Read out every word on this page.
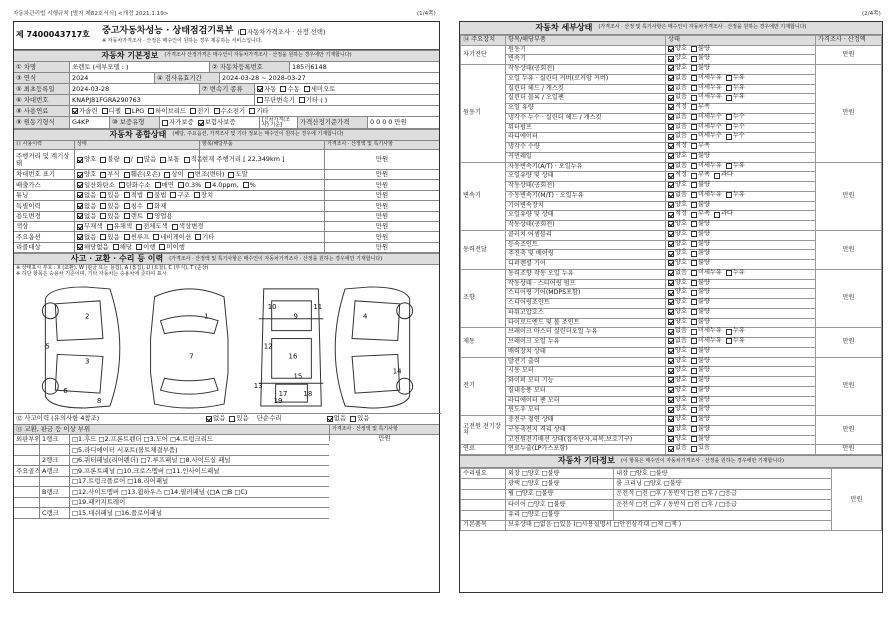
자동차관리법 시행규칙 [별지 제82호서식] <개정 2021.1.19>	(1/4쪽)	(2/4쪽)
제 7400043717호	중고자동차성능 · 상태점검기록부 ( 자동차가격조사 · 산정 선택 )
※ 자동차가격조사 · 산정은 매수인이 원하는 경우 제공하는 서비스입니다.
자동차 기본정보 (가격조사 산정가격은 매수인이 자동차가격조사 · 산정을 원하는 경우에만 기재합니다)
① 차명	쏘렌토 (세부모델 : )	② 자동차등록번호	185러6148
③ 연식	2024	④ 검사유효기간	2024-03-28 ~ 2028-03-27
⑤ 최초등록일	2024-03-28	⑦ 변속기 종류	자동 수동 세미오토
⑥ 차대번호	KNAPJ81FGRA290763	무단변속기 기타 ( )
⑧ 사용연료	가솔린 디젤 LPG 하이브리드 전기 수소전기 기타
⑨ 원동기형식	G4KP	⑩ 보증유형	자가보증 보험사보증	[신차가격(조사) 기준]	가격산정기준가격	0 0 0 0 만원
자동차 종합상태 (해당, 주요옵션, 가격조사 및 기타 정보는 매수인이 원하는 경우에 기재합니다)
⑪ 사용이력	상태	항목/해당부품	가격조사 · 산정액 및 특기사항
주행거리 및 계기상태	양호 불량 / 많음 보통 적음 현재 주행거리 [ 22,349km ]	만원
차대번호 표기	양호 부식 훼손(오손) 상이 변조(변타) 도말	만원
배출가스	일산화탄소 탄화수소 매연 0.3% 4.0ppm, %	만원
튜닝	없음 있음 적법 불법 구조 장치	만원
특별이력	없음 있음 침수 화재	만원
용도변경	없음 있음 렌트 영업용	만원
색상	무채색 유채색 전체도색 색상변경	만원
주요옵션	없음 있음 썬루프 네비게이션 기타	만원
리콜대상	해당없음 해당 이행 미이행	만원
사고 · 교환 · 수리 등 이력 (가격조사 · 산정액 및 특기사항은 매수인이 자동차가격조사 · 산정을 원하는 경우에만 기재합니다)
※ 상태표시 부호 : X (교환), W (판금 또는 용접), A (흠집), U (요철), C (부식), T (손상)
※ 하단 항목은 승용차 기준이며, 기타 자동차는 승용차에 준하여 표시
1
2
3
4
5
6
7
8
9
10	11
12
13
14
15
16
17 18
19
⑫ 사고이력 (유의사항 4참조)	없음 있음	단순수리	없음 있음
⑬ 교환, 판금 등 이상 부위	가격조사 · 산정액 및 특기사항
외판부위 1랭크	□1.후드 □2.프론트펜더 □3.도어 □4.트렁크리드
□5.라디에이터 서포트(볼트체결부품)
2랭크	□6.쿼터패널(리어펜더) □7.루프패널 □8.사이드실 패널
주요골격 A랭크	□9.프론트패널 □10.크로스멤버 □11.인사이드패널
□17.트렁크플로어 □18.리어패널
B랭크	□12.사이드멤버 □13.휠하우스 □14.필러패널 (□A □B □C)
□19.패키지트레이
C랭크	□15.대쉬패널 □16.플로어패널
만원
자동차 세부상태 (가격조사 · 산정 및 특기사항은 매수인이 자동차가격조사 · 산정을 원하는 경우에만 기재합니다)
⑭ 주요장치	항목/해당부품	상태	가격조사 · 산정액
자기진단	원동기	양호 불량	만원
	변속기	양호 불량	

원동기	작동상태(공회전)	양호 불량	만원
	오일 누유 · 실린더 커버(로커암 커버)	없음 미세누유 누유	

	실린더 헤드 / 개스킷	없음 미세누유 누유	

	실린더 블록 / 오일팬	없음 미세누유 누유	

	오일 유량	적정 부족	

	냉각수 누수 · 실린더 헤드 / 개스킷	없음 미세누수 누수	

	워터펌프	없음 미세누수 누수	

	라디에이터	없음 미세누수 누수	

	냉각수 수량	적정 부족	

	커먼레일	양호 불량	

변속기	자동변속기(A/T) · 오일누유	없음 미세누유 누유	만원
	오일유량 및 상태	적정 부족 과다	

	작동상태(공회전)	양호 불량	

	수동변속기(M/T) · 오일누유	없음 미세누유 누유	

	기어변속장치	양호 불량	

	오일유량 및 상태	적정 부족 과다	

	작동상태(공회전)	양호 불량	

동력전달	클러치 어셈블리	양호 불량	만원
	등속조인트	양호 불량	

	추진축 및 베어링	양호 불량	

	디퍼렌셜 기어	양호 불량	

조향	동력조향 작동 오일 누유	없음 미세누유 누유	만원
	작동상태 · 스티어링 펌프	양호 불량	

	스티어링 기어(MDPS포함)	양호 불량	

	스티어링조인트	양호 불량	

	파워고압호스	양호 불량	

	타이로드엔드 및 볼 조인트	양호 불량	

제동	브레이크 마스터 실린더오일 누유	없음 미세누유 누유	만원
	브레이크 오일 누유	없음 미세누유 누유	

	배력장치 상태	양호 불량	

전기	발전기 출력	양호 불량	만원
	시동 모터	양호 불량	

	와이퍼 모터 기능	양호 불량	

	실내송풍 모터	양호 불량	

	라디에이터 팬 모터	양호 불량	

	윈도우 모터	양호 불량	

고전원 전기장치	충전구 절연 상태	양호 불량	만원
	구동축전지 격리 상태	양호 불량	

	고전원전기배선 상태(접속단자,피복,보호기구)	양호 불량	

연료	연료누출(LP가스포함)	없음 있음	만원
자동차 기타정보 (이 항목은 매수인이 자동차가격조사 · 산정을 원하는 경우에만 기재합니다)
수리필요	외장 □양호 □불량	내장 □양호 □불량	만원
	광택 □양호 □불량	룸 크리닝 □양호 □불량	
	휠 □양호 □불량	운전석 □전 □후 / 동반석 □전 □후 / □응급	
	타이어 □양호 □불량	운전석 □전 □후 / 동반석 □전 □후 / □응급	
	유리 □양호 □불량		
기본품목	보유상태 □없음 □있음 (□사용설명서 □안전삼각대 □잭 □잭 )		
